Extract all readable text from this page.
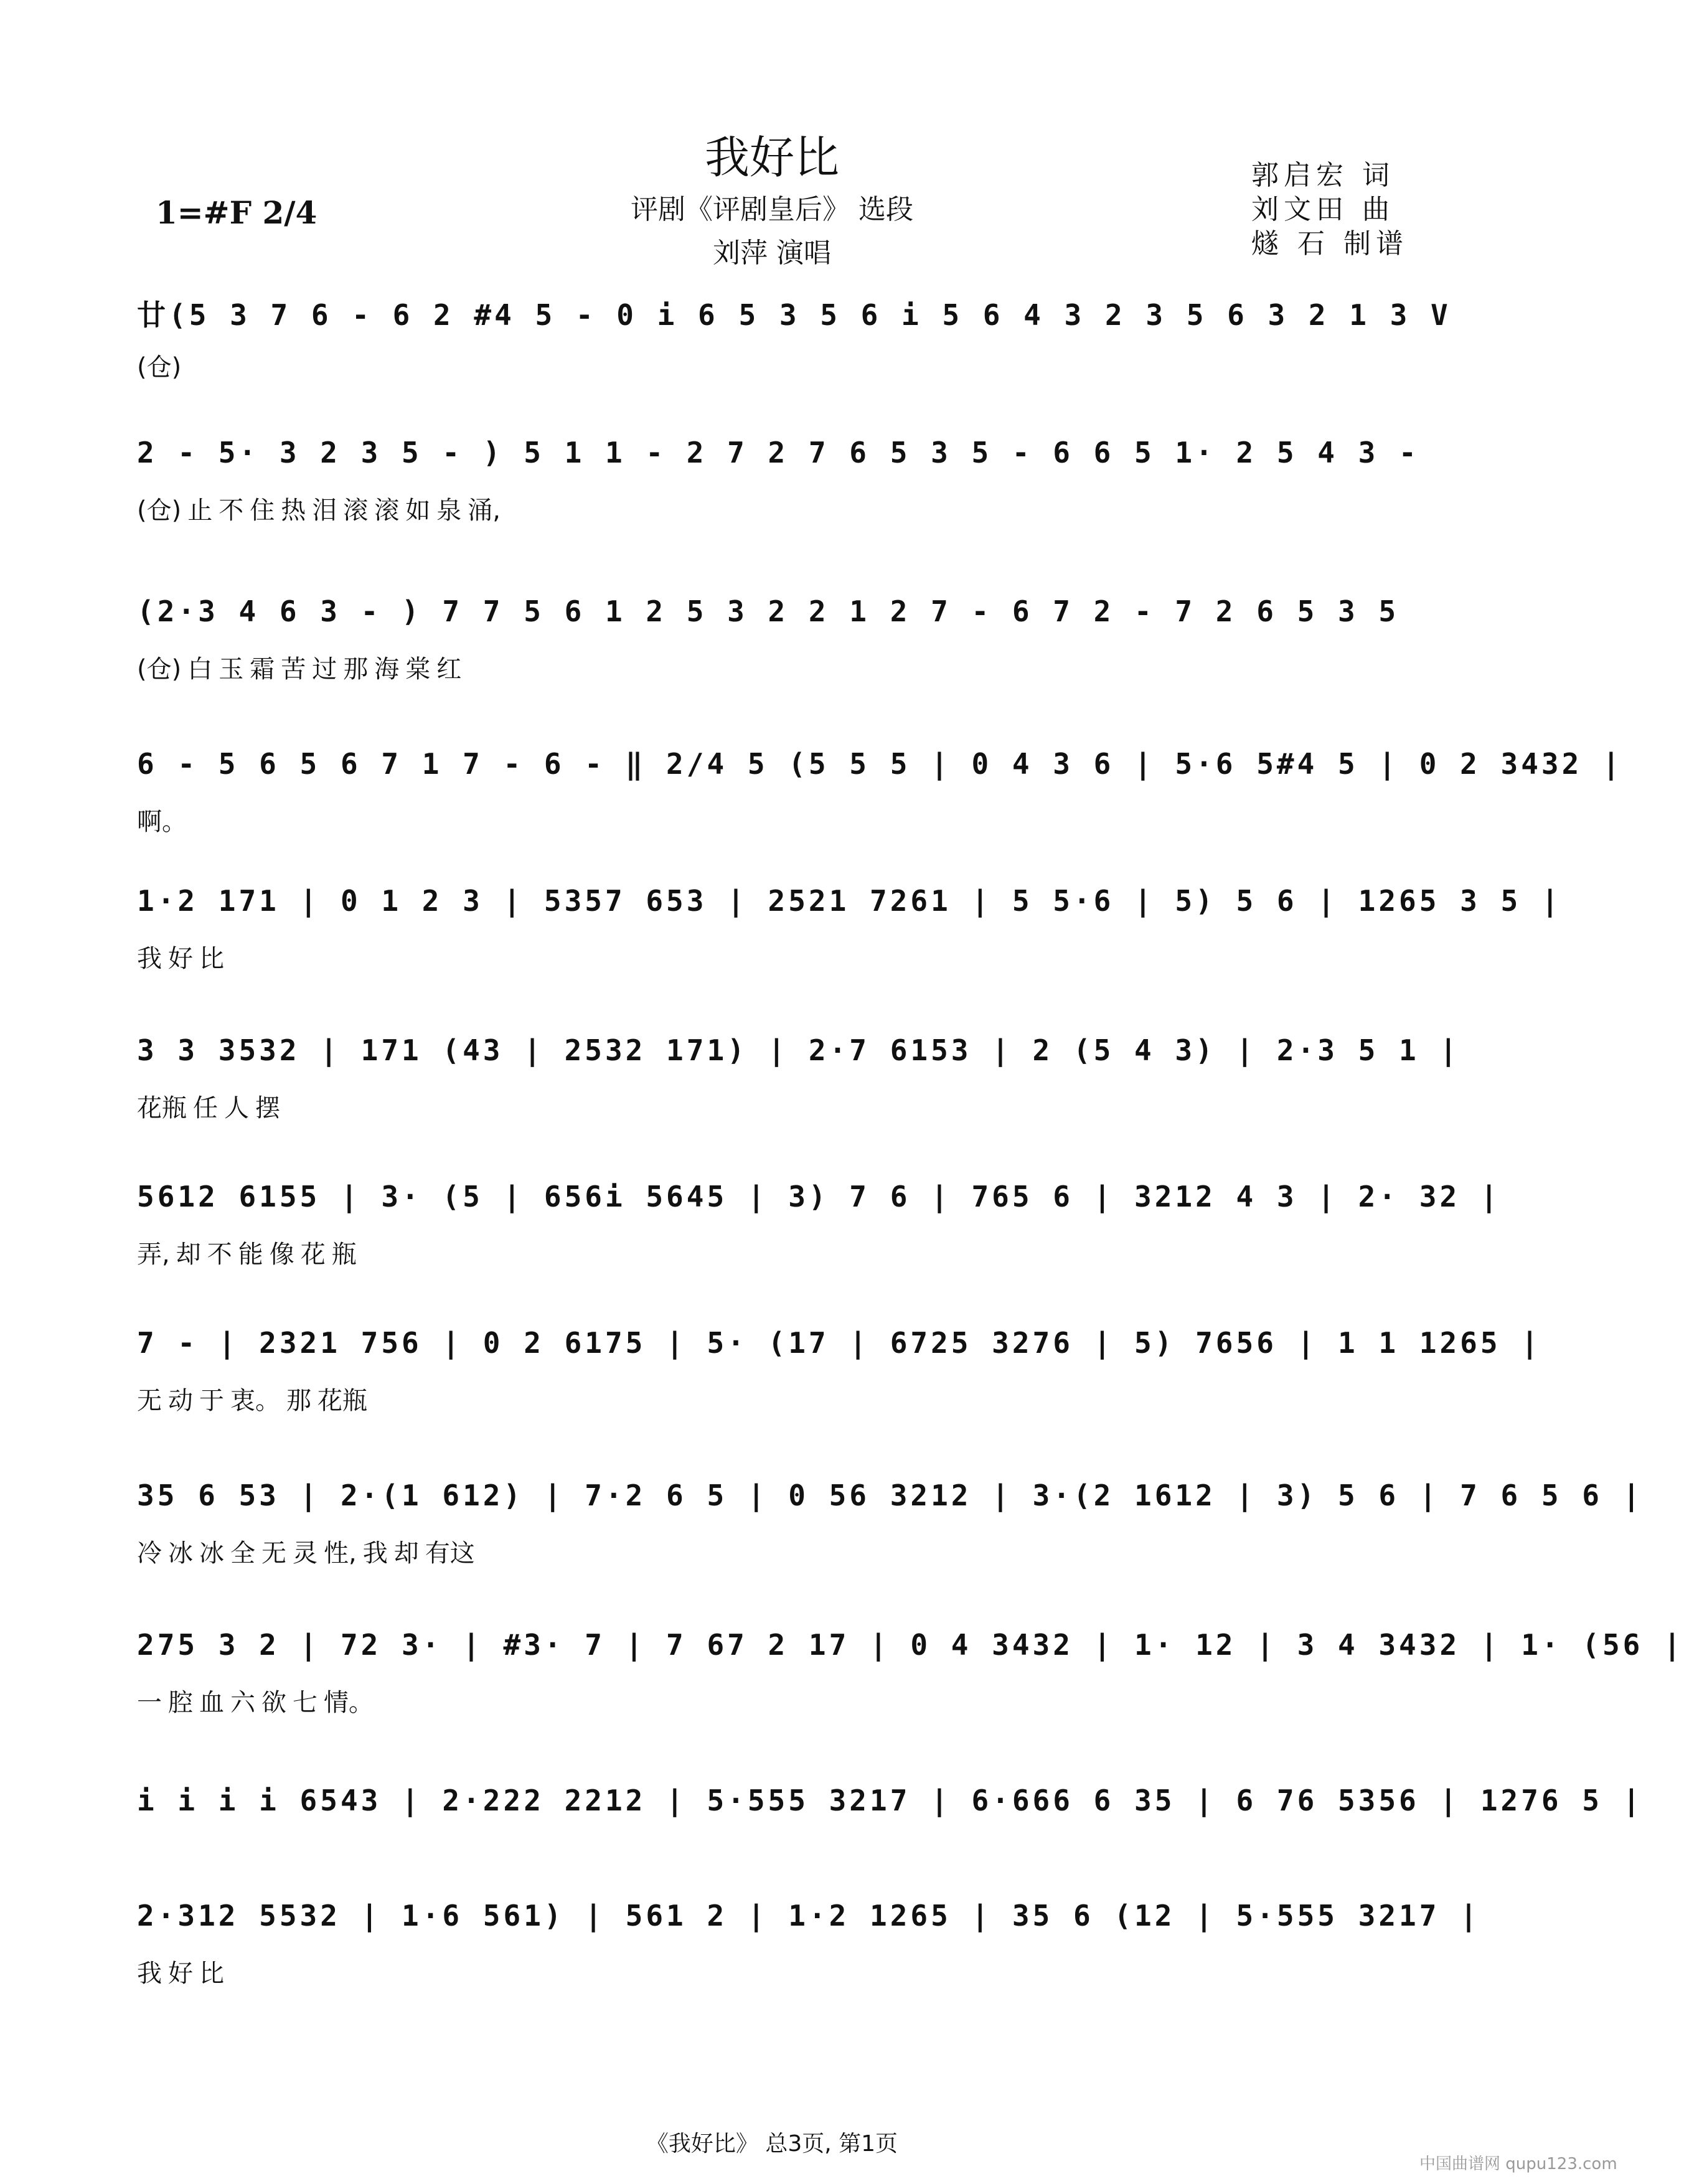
我好比
评剧《评剧皇后》 选段
刘萍 演唱
1=#F 2/4
郭启宏 词
刘文田 曲
燧 石 制谱
廿(5 3 7 6 - 6 2 #4 5 - 0 i 6 5 3 5 6 i 5 6 4 3 2 3 5 6 3 2 1 3 V
(仓)
2 - 5· 3 2 3 5 - ) 5 1 1 - 2 7 2 7 6 5 3 5 - 6 6 5 1· 2 5 4 3 -
(仓) 止 不 住 热 泪 滚 滚 如 泉 涌,
(2·3 4 6 3 - ) 7 7 5 6 1 2 5 3 2 2 1 2 7 - 6 7 2 - 7 2 6 5 3 5
(仓) 白 玉 霜 苦 过 那 海 棠 红
6 - 5 6 5 6 7 1 7 - 6 - ‖ 2/4 5 (5 5 5 | 0 4 3 6 | 5·6 5#4 5 | 0 2 3432 |
啊。
1·2 171 | 0 1 2 3 | 5357 653 | 2521 7261 | 5 5·6 | 5) 5 6 | 1265 3 5 |
我 好 比
3 3 3532 | 171 (43 | 2532 171) | 2·7 6153 | 2 (5 4 3) | 2·3 5 1 |
花瓶 任 人 摆
5612 6155 | 3· (5 | 656i 5645 | 3) 7 6 | 765 6 | 3212 4 3 | 2· 32 |
弄, 却 不 能 像 花 瓶
7 - | 2321 756 | 0 2 6175 | 5· (17 | 6725 3276 | 5) 7656 | 1 1 1265 |
无 动 于 衷。 那 花瓶
35 6 53 | 2·(1 612) | 7·2 6 5 | 0 56 3212 | 3·(2 1612 | 3) 5 6 | 7 6 5 6 |
冷 冰 冰 全 无 灵 性, 我 却 有这
275 3 2 | 72 3· | #3· 7 | 7 67 2 17 | 0 4 3432 | 1· 12 | 3 4 3432 | 1· (56 |
一 腔 血 六 欲 七 情。
i i i i 6543 | 2·222 2212 | 5·555 3217 | 6·666 6 35 | 6 76 5356 | 1276 5 |
2·312 5532 | 1·6 561) | 561 2 | 1·2 1265 | 35 6 (12 | 5·555 3217 |
我 好 比
《我好比》 总3页, 第1页
中国曲谱网 qupu123.com
